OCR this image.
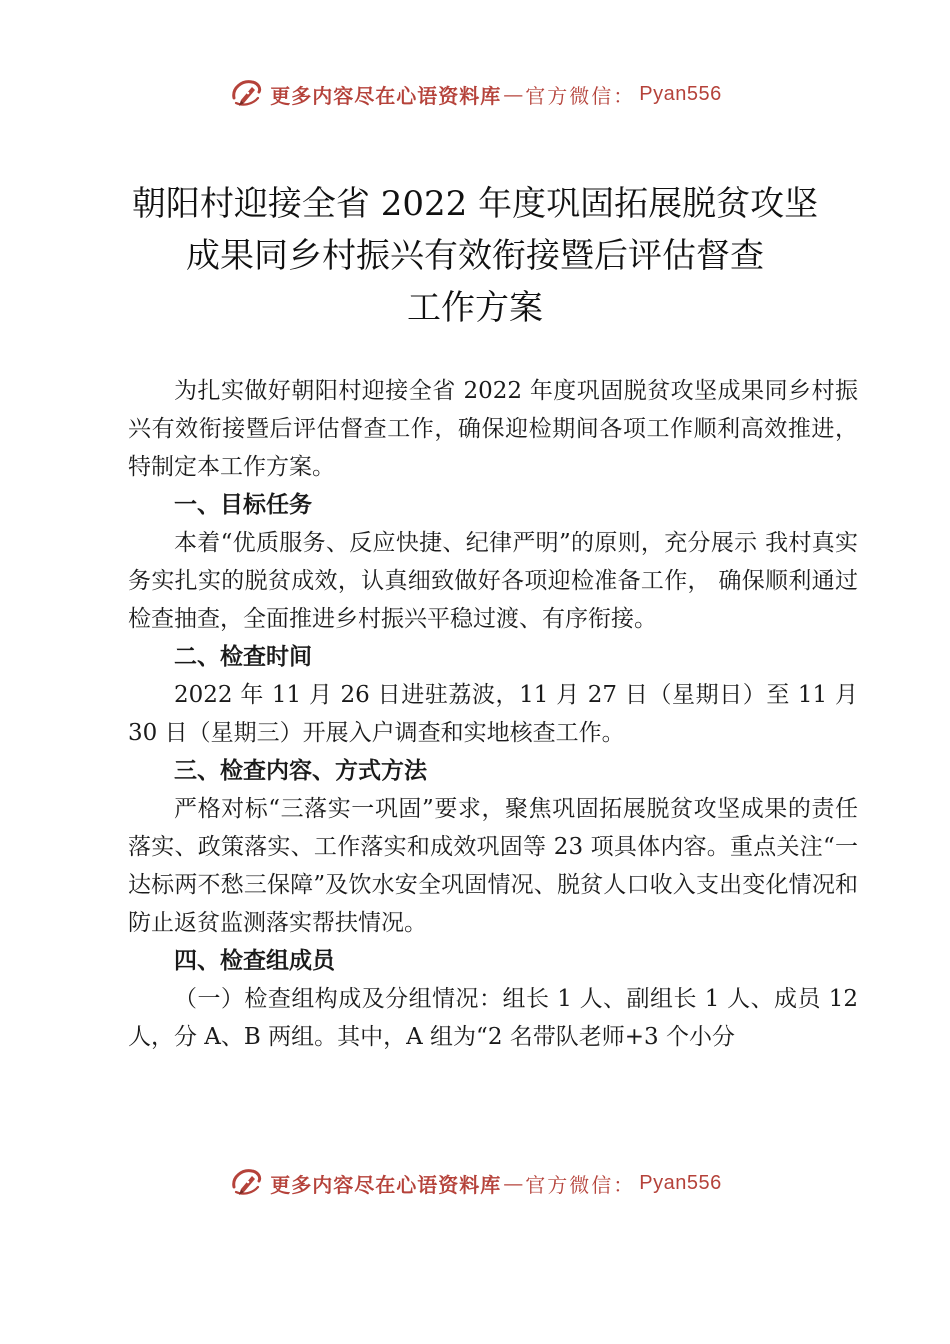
更多内容尽在心语资料库 — 官方微信： Pyan556
朝阳村迎接全省 2022 年度巩固拓展脱贫攻坚
成果同乡村振兴有效衔接暨后评估督查
工作方案

为扎实做好朝阳村迎接全省 2022 年度巩固脱贫攻坚成果同乡村振兴有效衔接暨后评估督查工作，确保迎检期间各项工作顺利高效推进，特制定本工作方案。

一、目标任务

本着“优质服务、反应快捷、纪律严明”的原则，充分展示 我村真实务实扎实的脱贫成效，认真细致做好各项迎检准备工作， 确保顺利通过检查抽查，全面推进乡村振兴平稳过渡、有序衔接。

二、检查时间

2022 年 11 月 26 日进驻荔波，11 月 27 日（星期日）至 11 月 30 日（星期三）开展入户调查和实地核查工作。

三、检查内容、方式方法

严格对标“三落实一巩固”要求，聚焦巩固拓展脱贫攻坚成果的责任落实、政策落实、工作落实和成效巩固等 23 项具体内容。重点关注“一达标两不愁三保障”及饮水安全巩固情况、脱贫人口收入支出变化情况和防止返贫监测落实帮扶情况。

四、检查组成员

（一）检查组构成及分组情况：组长 1 人、副组长 1 人、成员 12 人，分 A、B 两组。其中，A 组为“2 名带队老师+3 个小分

更多内容尽在心语资料库 — 官方微信： Pyan556
